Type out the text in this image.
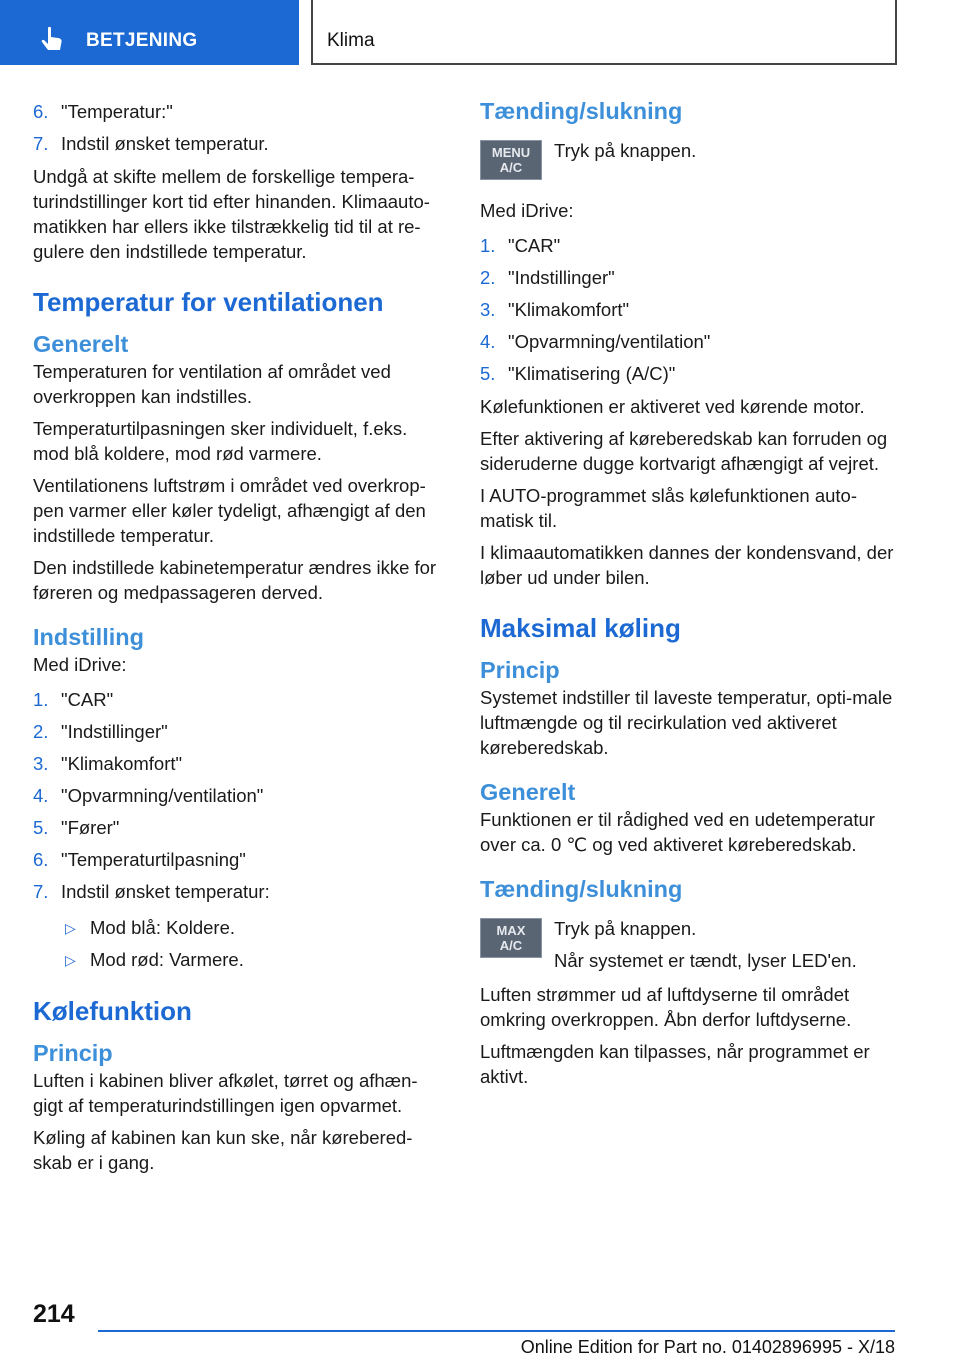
BETJENING	Klima
6. "Temperatur:"
7. Indstil ønsket temperatur.

Undgå at skifte mellem de forskellige tempera-turindstillinger kort tid efter hinanden. Klimaauto-matikken har ellers ikke tilstrækkelig tid til at re-gulere den indstillede temperatur.

Temperatur for ventilationen
Generelt

Temperaturen for ventilation af området ved overkroppen kan indstilles.

Temperaturtilpasningen sker individuelt, f.eks. mod blå koldere, mod rød varmere.

Ventilationens luftstrøm i området ved overkrop-pen varmer eller køler tydeligt, afhængigt af den indstillede temperatur.

Den indstillede kabinetemperatur ændres ikke for føreren og medpassageren derved.

Indstilling

Med iDrive:

1. "CAR"
2. "Indstillinger"
3. "Klimakomfort"
4. "Opvarmning/ventilation"
5. "Fører"
6. "Temperaturtilpasning"
7. Indstil ønsket temperatur:
▷ Mod blå: Koldere.
▷ Mod rød: Varmere.
Kølefunktion
Princip

Luften i kabinen bliver afkølet, tørret og afhæn-gigt af temperaturindstillingen igen opvarmet.

Køling af kabinen kan kun ske, når kørebered-skab er i gang.

Tænding/slukning
MENU
A/C

Tryk på knappen.

Med iDrive:

1. "CAR"
2. "Indstillinger"
3. "Klimakomfort"
4. "Opvarmning/ventilation"
5. "Klimatisering (A/C)"

Kølefunktionen er aktiveret ved kørende motor.

Efter aktivering af køreberedskab kan forruden og sideruderne dugge kortvarigt afhængigt af vejret.

I AUTO-programmet slås kølefunktionen auto-matisk til.

I klimaautomatikken dannes der kondensvand, der løber ud under bilen.

Maksimal køling
Princip

Systemet indstiller til laveste temperatur, opti-male luftmængde og til recirkulation ved aktiveret køreberedskab.

Generelt

Funktionen er til rådighed ved en udetemperatur over ca. 0 ℃ og ved aktiveret køreberedskab.

Tænding/slukning
MAX
A/C

Tryk på knappen.

Når systemet er tændt, lyser LED'en.

Luften strømmer ud af luftdyserne til området omkring overkroppen. Åbn derfor luftdyserne.

Luftmængden kan tilpasses, når programmet er aktivt.

214
Online Edition for Part no. 01402896995 - X/18
